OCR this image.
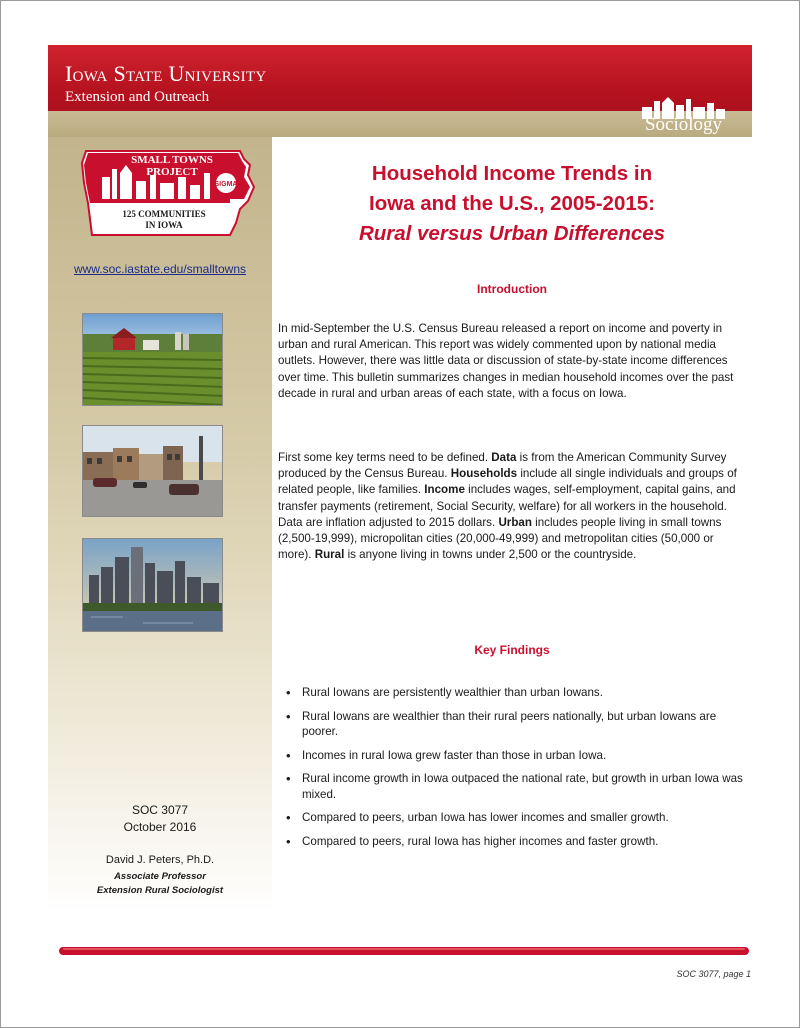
Iowa State University
Extension and Outreach
Sociology
SIGMA
SMALL TOWNS
PROJECT
125 COMMUNITIES
IN IOWA
www.soc.iastate.edu/smalltowns
SOC 3077
October 2016
David J. Peters, Ph.D.
Associate Professor
Extension Rural Sociologist
Household Income Trends in
Iowa and the U.S., 2005-2015:
Rural versus Urban Differences
Introduction
In mid-September the U.S. Census Bureau released a report on income and poverty in urban and rural American. This report was widely commented upon by national media outlets. However, there was little data or discussion of state-by-state income differences over time. This bulletin summarizes changes in median household incomes over the past decade in rural and urban areas of each state, with a focus on Iowa.
First some key terms need to be defined. Data is from the American Community Survey produced by the Census Bureau. Households include all single individuals and groups of related people, like families. Income includes wages, self-employment, capital gains, and transfer payments (retirement, Social Security, welfare) for all workers in the household. Data are inflation adjusted to 2015 dollars. Urban includes people living in small towns (2,500-19,999), micropolitan cities (20,000-49,999) and metropolitan cities (50,000 or more). Rural is anyone living in towns under 2,500 or the countryside.
Key Findings
• Rural Iowans are persistently wealthier than urban Iowans.
• Rural Iowans are wealthier than their rural peers nationally, but urban Iowans are poorer.
• Incomes in rural Iowa grew faster than those in urban Iowa.
• Rural income growth in Iowa outpaced the national rate, but growth in urban Iowa was mixed.
• Compared to peers, urban Iowa has lower incomes and smaller growth.
• Compared to peers, rural Iowa has higher incomes and faster growth.
SOC 3077, page 1
